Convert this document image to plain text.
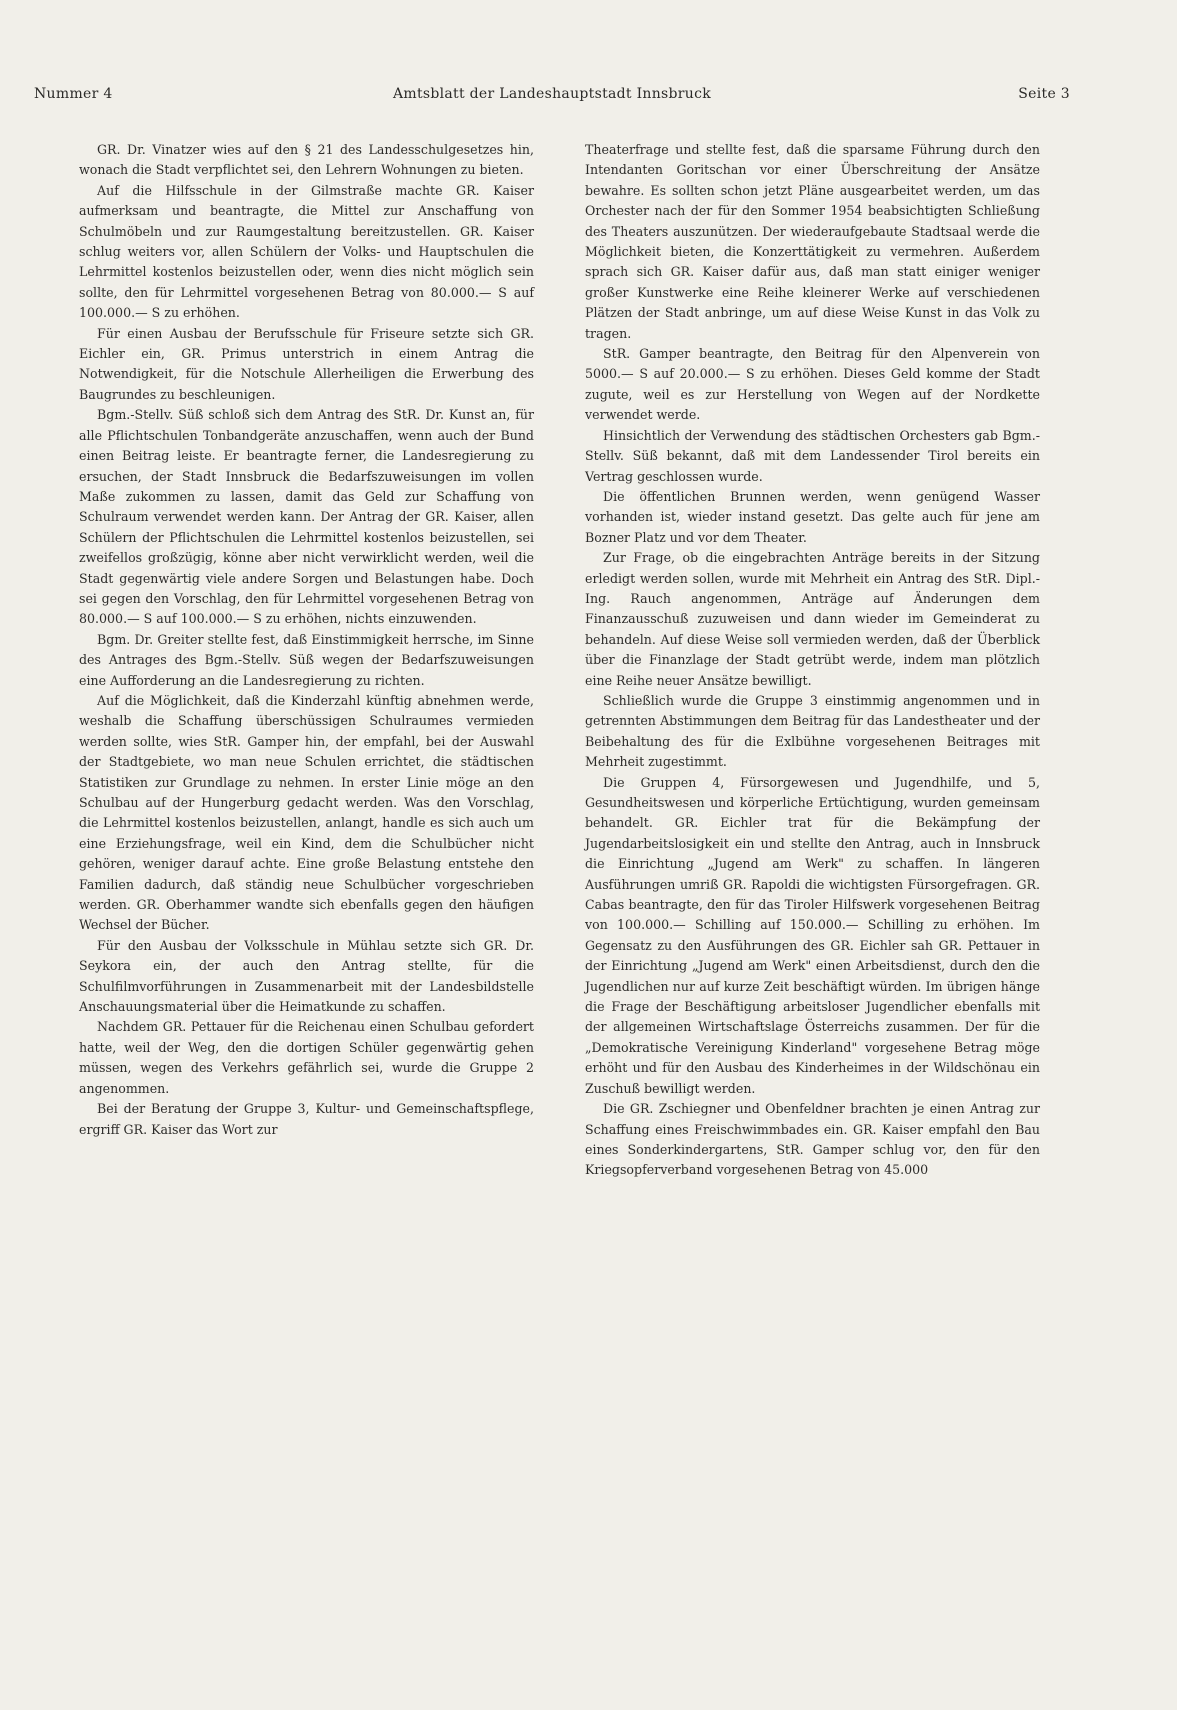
Nummer 4	Amtsblatt der Landeshauptstadt Innsbruck	Seite 3

GR. Dr. Vinatzer wies auf den § 21 des Landesschulgesetzes hin, wonach die Stadt verpflichtet sei, den Lehrern Wohnungen zu bieten.

Auf die Hilfsschule in der Gilmstraße machte GR. Kaiser aufmerksam und beantragte, die Mittel zur Anschaffung von Schulmöbeln und zur Raumgestaltung bereitzustellen. GR. Kaiser schlug weiters vor, allen Schülern der Volks- und Hauptschulen die Lehrmittel kostenlos beizustellen oder, wenn dies nicht möglich sein sollte, den für Lehrmittel vorgesehenen Betrag von 80.000.— S auf 100.000.— S zu erhöhen.

Für einen Ausbau der Berufsschule für Friseure setzte sich GR. Eichler ein, GR. Primus unterstrich in einem Antrag die Notwendigkeit, für die Notschule Allerheiligen die Erwerbung des Baugrundes zu beschleunigen.

Bgm.-Stellv. Süß schloß sich dem Antrag des StR. Dr. Kunst an, für alle Pflichtschulen Tonbandgeräte anzuschaffen, wenn auch der Bund einen Beitrag leiste. Er beantragte ferner, die Landesregierung zu ersuchen, der Stadt Innsbruck die Bedarfszuweisungen im vollen Maße zukommen zu lassen, damit das Geld zur Schaffung von Schulraum verwendet werden kann. Der Antrag der GR. Kaiser, allen Schülern der Pflichtschulen die Lehrmittel kostenlos beizustellen, sei zweifellos großzügig, könne aber nicht verwirklicht werden, weil die Stadt gegenwärtig viele andere Sorgen und Belastungen habe. Doch sei gegen den Vorschlag, den für Lehrmittel vorgesehenen Betrag von 80.000.— S auf 100.000.— S zu erhöhen, nichts einzuwenden.

Bgm. Dr. Greiter stellte fest, daß Einstimmigkeit herrsche, im Sinne des Antrages des Bgm.-Stellv. Süß wegen der Bedarfszuweisungen eine Aufforderung an die Landesregierung zu richten.

Auf die Möglichkeit, daß die Kinderzahl künftig abnehmen werde, weshalb die Schaffung überschüssigen Schulraumes vermieden werden sollte, wies StR. Gamper hin, der empfahl, bei der Auswahl der Stadtgebiete, wo man neue Schulen errichtet, die städtischen Statistiken zur Grundlage zu nehmen. In erster Linie möge an den Schulbau auf der Hungerburg gedacht werden. Was den Vorschlag, die Lehrmittel kostenlos beizustellen, anlangt, handle es sich auch um eine Erziehungsfrage, weil ein Kind, dem die Schulbücher nicht gehören, weniger darauf achte. Eine große Belastung entstehe den Familien dadurch, daß ständig neue Schulbücher vorgeschrieben werden. GR. Oberhammer wandte sich ebenfalls gegen den häufigen Wechsel der Bücher.

Für den Ausbau der Volksschule in Mühlau setzte sich GR. Dr. Seykora ein, der auch den Antrag stellte, für die Schulfilmvorführungen in Zusammenarbeit mit der Landesbildstelle Anschauungsmaterial über die Heimatkunde zu schaffen.

Nachdem GR. Pettauer für die Reichenau einen Schulbau gefordert hatte, weil der Weg, den die dortigen Schüler gegenwärtig gehen müssen, wegen des Verkehrs gefährlich sei, wurde die Gruppe 2 angenommen.

Bei der Beratung der Gruppe 3, Kultur- und Gemeinschaftspflege, ergriff GR. Kaiser das Wort zur

Theaterfrage und stellte fest, daß die sparsame Führung durch den Intendanten Goritschan vor einer Überschreitung der Ansätze bewahre. Es sollten schon jetzt Pläne ausgearbeitet werden, um das Orchester nach der für den Sommer 1954 beabsichtigten Schließung des Theaters auszunützen. Der wiederaufgebaute Stadtsaal werde die Möglichkeit bieten, die Konzerttätigkeit zu vermehren. Außerdem sprach sich GR. Kaiser dafür aus, daß man statt einiger weniger großer Kunstwerke eine Reihe kleinerer Werke auf verschiedenen Plätzen der Stadt anbringe, um auf diese Weise Kunst in das Volk zu tragen.

StR. Gamper beantragte, den Beitrag für den Alpenverein von 5000.— S auf 20.000.— S zu erhöhen. Dieses Geld komme der Stadt zugute, weil es zur Herstellung von Wegen auf der Nordkette verwendet werde.

Hinsichtlich der Verwendung des städtischen Orchesters gab Bgm.-Stellv. Süß bekannt, daß mit dem Landessender Tirol bereits ein Vertrag geschlossen wurde.

Die öffentlichen Brunnen werden, wenn genügend Wasser vorhanden ist, wieder instand gesetzt. Das gelte auch für jene am Bozner Platz und vor dem Theater.

Zur Frage, ob die eingebrachten Anträge bereits in der Sitzung erledigt werden sollen, wurde mit Mehrheit ein Antrag des StR. Dipl.-Ing. Rauch angenommen, Anträge auf Änderungen dem Finanzausschuß zuzuweisen und dann wieder im Gemeinderat zu behandeln. Auf diese Weise soll vermieden werden, daß der Überblick über die Finanzlage der Stadt getrübt werde, indem man plötzlich eine Reihe neuer Ansätze bewilligt.

Schließlich wurde die Gruppe 3 einstimmig angenommen und in getrennten Abstimmungen dem Beitrag für das Landestheater und der Beibehaltung des für die Exlbühne vorgesehenen Beitrages mit Mehrheit zugestimmt.

Die Gruppen 4, Fürsorgewesen und Jugendhilfe, und 5, Gesundheitswesen und körperliche Ertüchtigung, wurden gemeinsam behandelt. GR. Eichler trat für die Bekämpfung der Jugendarbeitslosigkeit ein und stellte den Antrag, auch in Innsbruck die Einrichtung „Jugend am Werk" zu schaffen. In längeren Ausführungen umriß GR. Rapoldi die wichtigsten Fürsorgefragen. GR. Cabas beantragte, den für das Tiroler Hilfswerk vorgesehenen Beitrag von 100.000.— Schilling auf 150.000.— Schilling zu erhöhen. Im Gegensatz zu den Ausführungen des GR. Eichler sah GR. Pettauer in der Einrichtung „Jugend am Werk" einen Arbeitsdienst, durch den die Jugendlichen nur auf kurze Zeit beschäftigt würden. Im übrigen hänge die Frage der Beschäftigung arbeitsloser Jugendlicher ebenfalls mit der allgemeinen Wirtschaftslage Österreichs zusammen. Der für die „Demokratische Vereinigung Kinderland" vorgesehene Betrag möge erhöht und für den Ausbau des Kinderheimes in der Wildschönau ein Zuschuß bewilligt werden.

Die GR. Zschiegner und Obenfeldner brachten je einen Antrag zur Schaffung eines Freischwimmbades ein. GR. Kaiser empfahl den Bau eines Sonderkindergartens, StR. Gamper schlug vor, den für den Kriegsopferverband vorgesehenen Betrag von 45.000
